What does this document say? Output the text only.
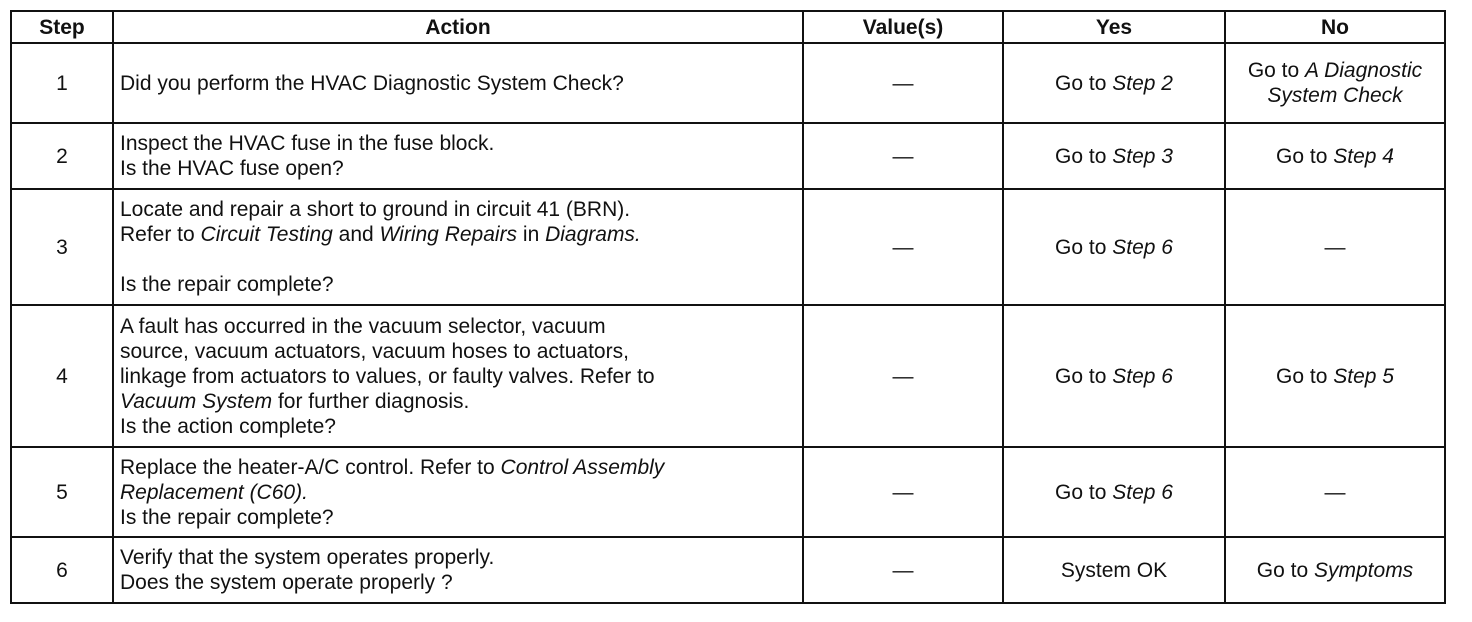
Step	Action	Value(s)	Yes	No
1	Did you perform the HVAC Diagnostic System Check?	—	Go to Step 2	Go to A Diagnostic System Check
2	Inspect the HVAC fuse in the fuse block.
Is the HVAC fuse open?	—	Go to Step 3	Go to Step 4
3	Locate and repair a short to ground in circuit 41 (BRN).
Refer to Circuit Testing and Wiring Repairs in Diagrams.
Is the repair complete?	—	Go to Step 6	—
4	A fault has occurred in the vacuum selector, vacuum
source, vacuum actuators, vacuum hoses to actuators,
linkage from actuators to values, or faulty valves. Refer to
Vacuum System for further diagnosis.
Is the action complete?	—	Go to Step 6	Go to Step 5
5	Replace the heater-A/C control. Refer to Control Assembly
Replacement (C60).
Is the repair complete?	—	Go to Step 6	—
6	Verify that the system operates properly.
Does the system operate properly ?	—	System OK	Go to Symptoms
